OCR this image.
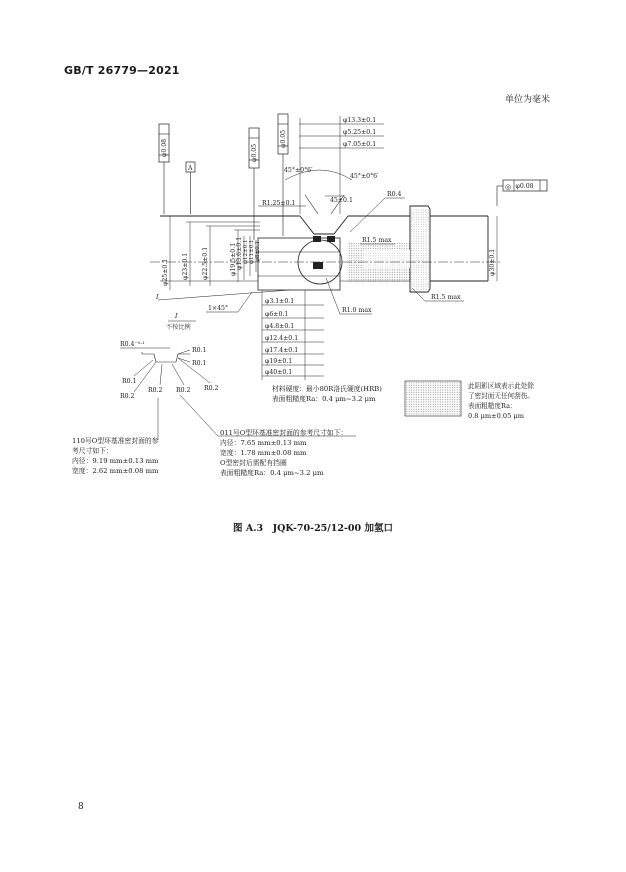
GB/T 26779—2021
单位为毫米
φ0.08
A
φ0.05
φ0.05
φ0.08
◎
φ25±0.1 φ23±0.1 φ22.5±0.1	φ19.5±0.1 φ13.6±0.1 φ12±0.1 φ11±0.1 φ8±0.1	φ30±0.1
φ13.3±0.1
φ5.25±0.1
φ7.05±0.1
45°±0°6′
45°±0°6′
45±0.1
R1.25±0.1
R0.4
R1.5 max
R1.0 max
R1.5 max
φ3.1±0.1
φ6±0.1
φ4.8±0.1
φ12.4±0.1
φ17.4±0.1
φ19±0.1
φ40±0.1
1×45°
I
I
不按比例
R0.4⁻⁰·¹
R0.1
R0.1
R0.1
R0.2
R0.2 R0.2 R0.2	材料硬度：最小80R洛氏硬度(HRB)
表面粗糙度Ra：0.4 μm~3.2 μm
此阴影区域表示此处除
了密封面无任何刮伤。
表面粗糙度Ra：
0.8 μm±0.05 μm
110号O型环基准密封面的参
考尺寸如下：
内径：9.19 mm±0.13 mm
宽度：2.62 mm±0.08 mm
011号O型环基准密封面的参考尺寸如下：
内径：7.65 mm±0.13 mm
宽度：1.78 mm±0.08 mm
O型密封后需配有挡圈
表面粗糙度Ra：0.4 μm~3.2 μm
图 A.3　JQK-70-25/12-00 加氢口
8
